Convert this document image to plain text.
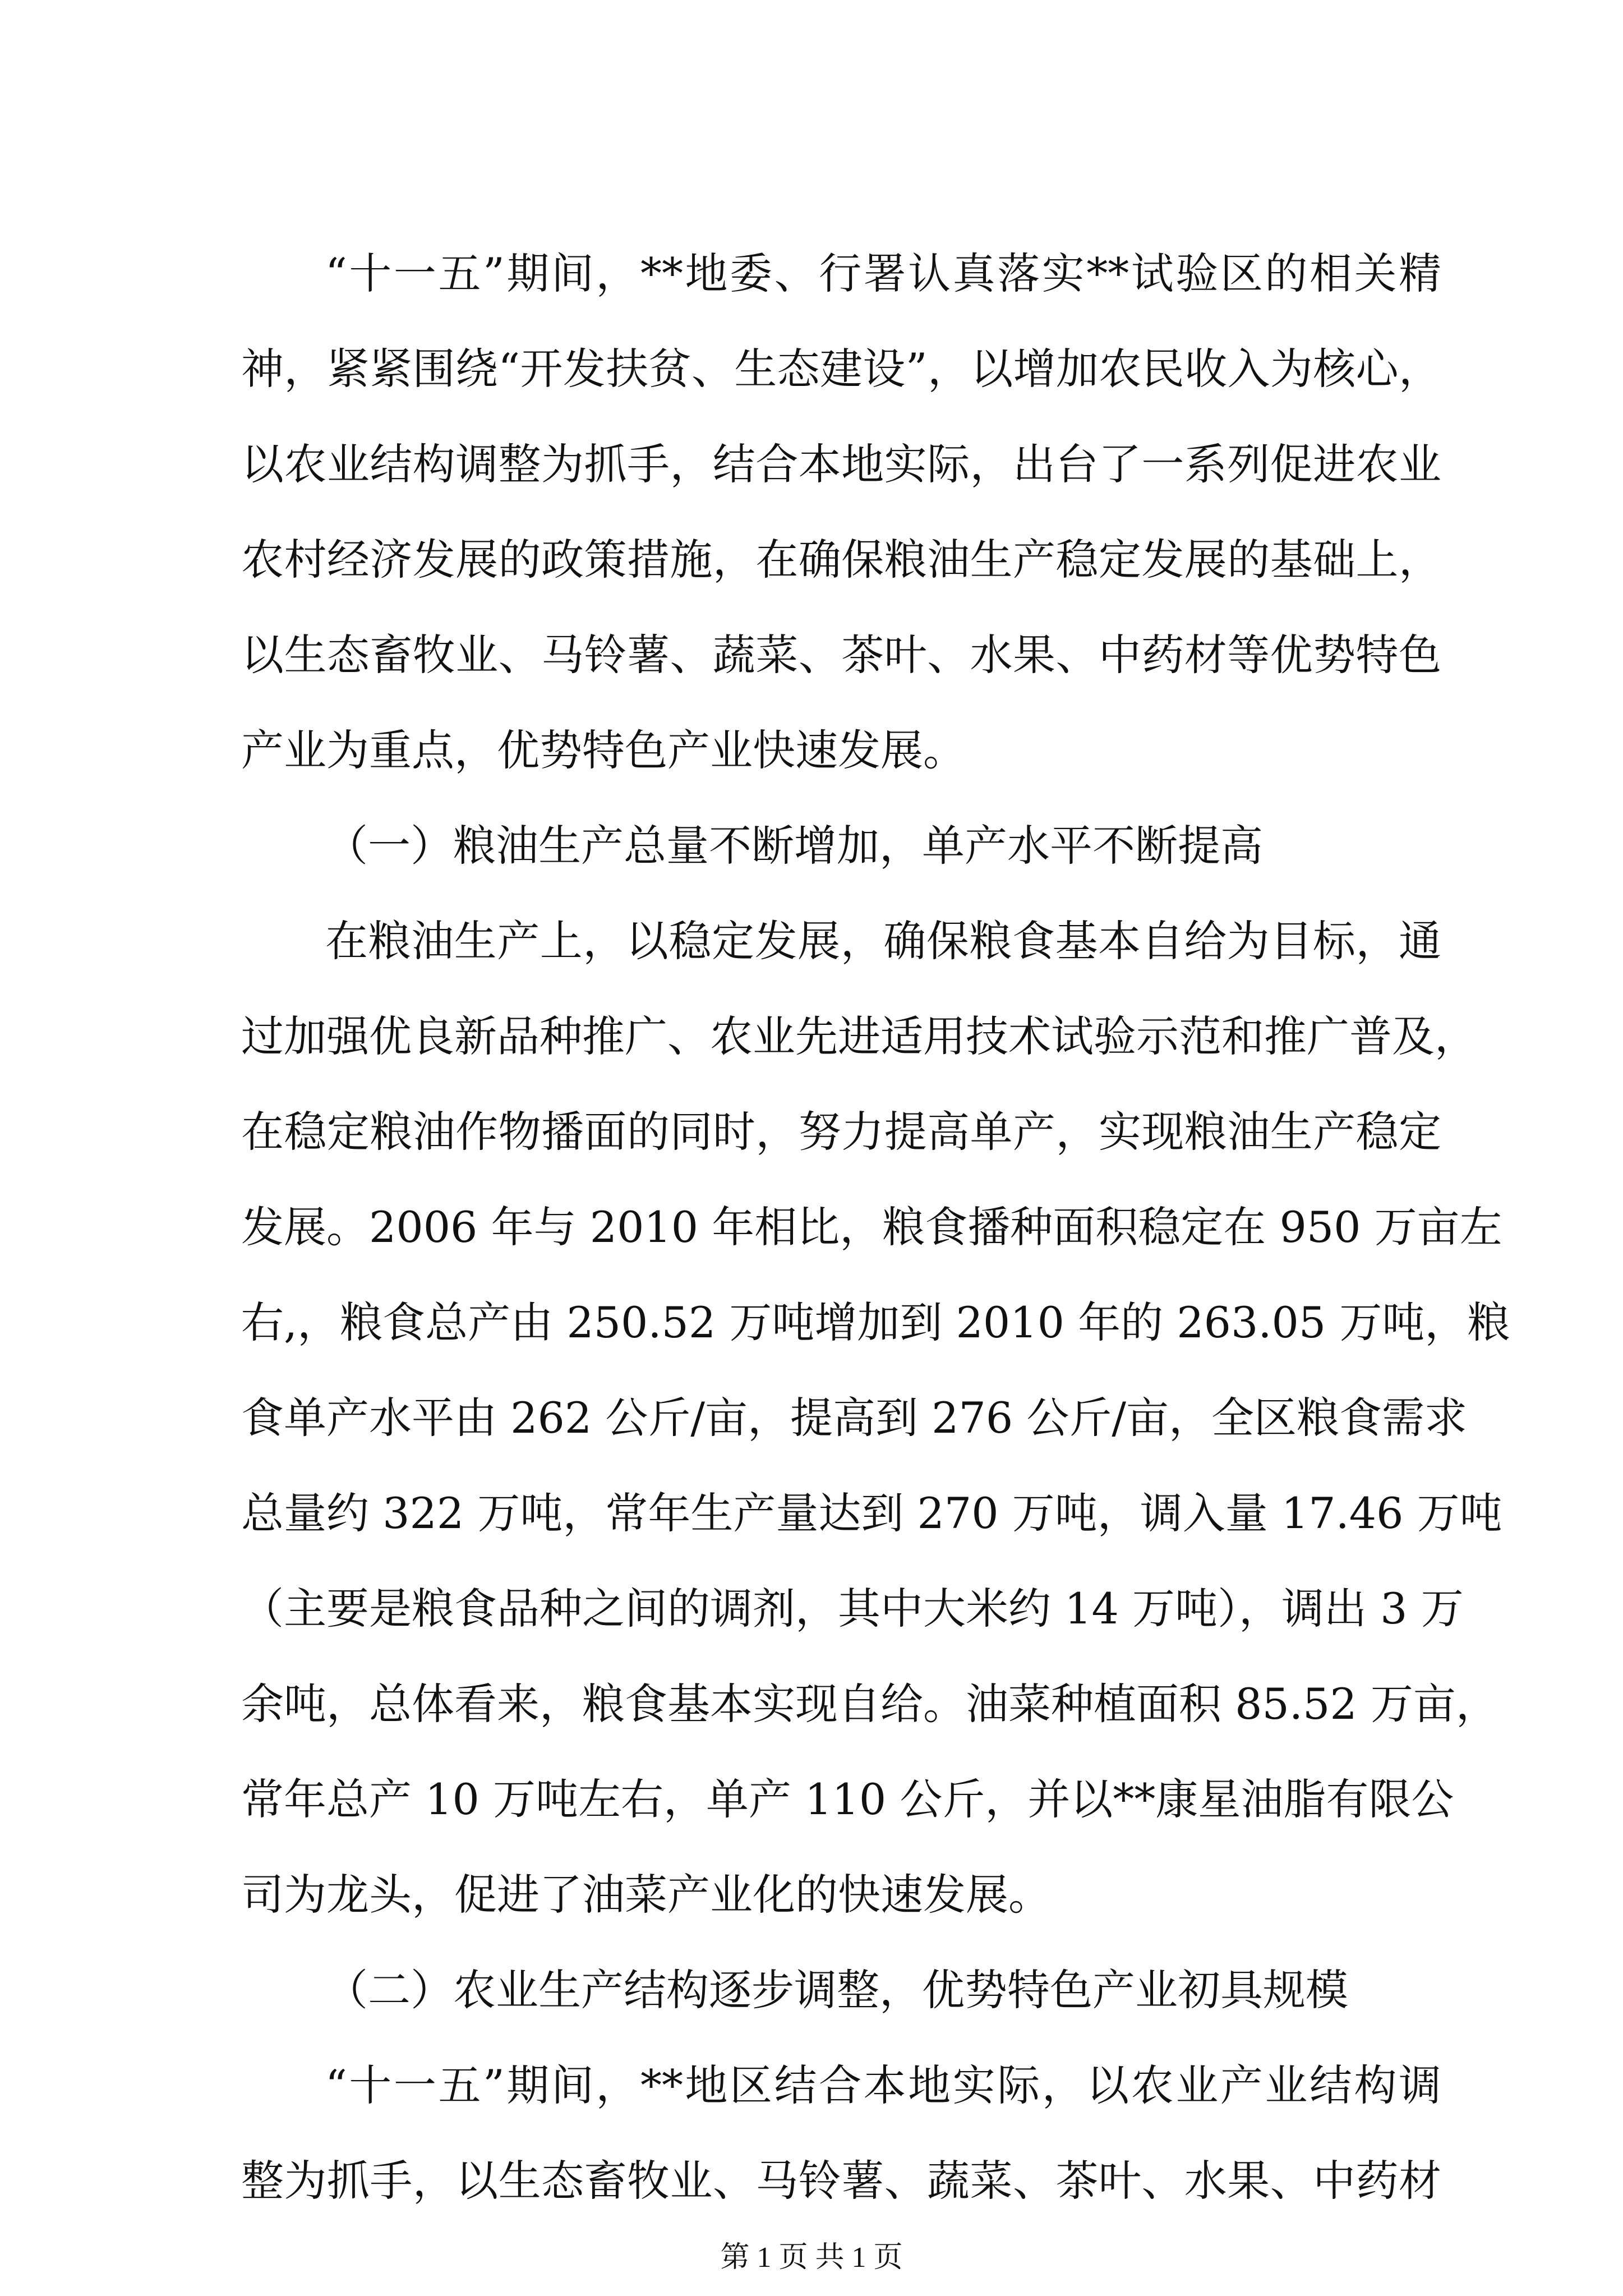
“十一五”期间，**地委、行署认真落实**试验区的相关精
神，紧紧围绕“开发扶贫、生态建设”，以增加农民收入为核心，
以农业结构调整为抓手，结合本地实际，出台了一系列促进农业
农村经济发展的政策措施，在确保粮油生产稳定发展的基础上，
以生态畜牧业、马铃薯、蔬菜、茶叶、水果、中药材等优势特色
产业为重点，优势特色产业快速发展。
（一）粮油生产总量不断增加，单产水平不断提高
在粮油生产上，以稳定发展，确保粮食基本自给为目标，通
过加强优良新品种推广、农业先进适用技术试验示范和推广普及，
在稳定粮油作物播面的同时，努力提高单产，实现粮油生产稳定
发展。2006 年与 2010 年相比，粮食播种面积稳定在 950 万亩左
右,，粮食总产由 250.52 万吨增加到 2010 年的 263.05 万吨，粮
食单产水平由 262 公斤/亩，提高到 276 公斤/亩，全区粮食需求
总量约 322 万吨，常年生产量达到 270 万吨，调入量 17.46 万吨
（主要是粮食品种之间的调剂，其中大米约 14 万吨），调出 3 万
余吨，总体看来，粮食基本实现自给。油菜种植面积 85.52 万亩，
常年总产 10 万吨左右，单产 110 公斤，并以**康星油脂有限公
司为龙头，促进了油菜产业化的快速发展。
（二）农业生产结构逐步调整，优势特色产业初具规模
“十一五”期间，**地区结合本地实际，以农业产业结构调
整为抓手，以生态畜牧业、马铃薯、蔬菜、茶叶、水果、中药材
第 1 页 共 1 页
